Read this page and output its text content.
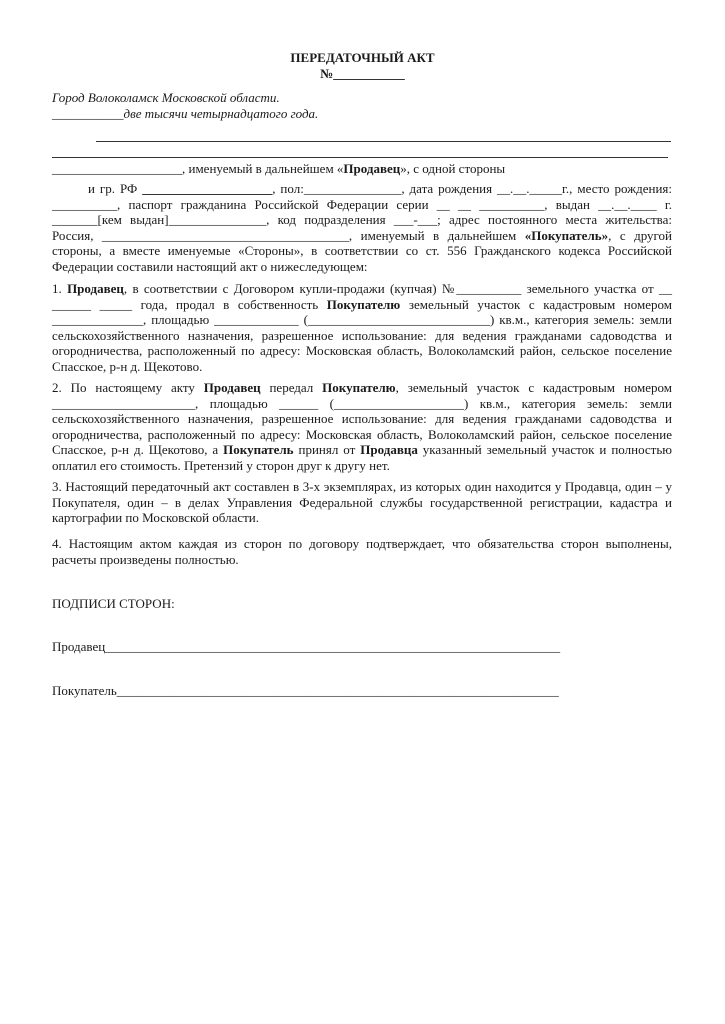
ПЕРЕДАТОЧНЫЙ АКТ
№___________
Город Волоколамск Московской области.
___________две тысячи четырнадцатого года.
____________________, именуемый в дальнейшем «Продавец», с одной стороны
и гр. РФ ____________________, пол:_______________, дата рождения __.__._____г., место рождения: __________, паспорт гражданина Российской Федерации серии __ __ __________, выдан __.__.____ г. _______[кем выдан]_______________, код подразделения ___-___; адрес постоянного места жительства: Россия, ______________________________________, именуемый в дальнейшем «Покупатель», с другой стороны, а вместе именуемые «Стороны», в соответствии со ст. 556 Гражданского кодекса Российской Федерации составили настоящий акт о нижеследующем:
1. Продавец, в соответствии с Договором купли-продажи (купчая) №__________ земельного участка от __ ______ _____ года, продал в собственность Покупателю земельный участок с кадастровым номером ______________, площадью _____________ (____________________________) кв.м., категория земель: земли сельскохозяйственного назначения, разрешенное использование: для ведения гражданами садоводства и огородничества, расположенный по адресу: Московская область, Волоколамский район, сельское поселение Спасское, р-н д. Щекотово.
2. По настоящему акту Продавец передал Покупателю, земельный участок с кадастровым номером ______________________, площадью ______ (____________________) кв.м., категория земель: земли сельскохозяйственного назначения, разрешенное использование: для ведения гражданами садоводства и огородничества, расположенный по адресу: Московская область, Волоколамский район, сельское поселение Спасское, р-н д. Щекотово, а Покупатель принял от Продавца указанный земельный участок и полностью оплатил его стоимость. Претензий у сторон друг к другу нет.
3. Настоящий передаточный акт составлен в 3-х экземплярах, из которых один находится у Продавца, один – у Покупателя, один – в делах Управления Федеральной службы государственной регистрации, кадастра и картографии по Московской области.
4. Настоящим актом каждая из сторон по договору подтверждает, что обязательства сторон выполнены, расчеты произведены полностью.
ПОДПИСИ СТОРОН:
Продавец______________________________________________________________________
Покупатель____________________________________________________________________
